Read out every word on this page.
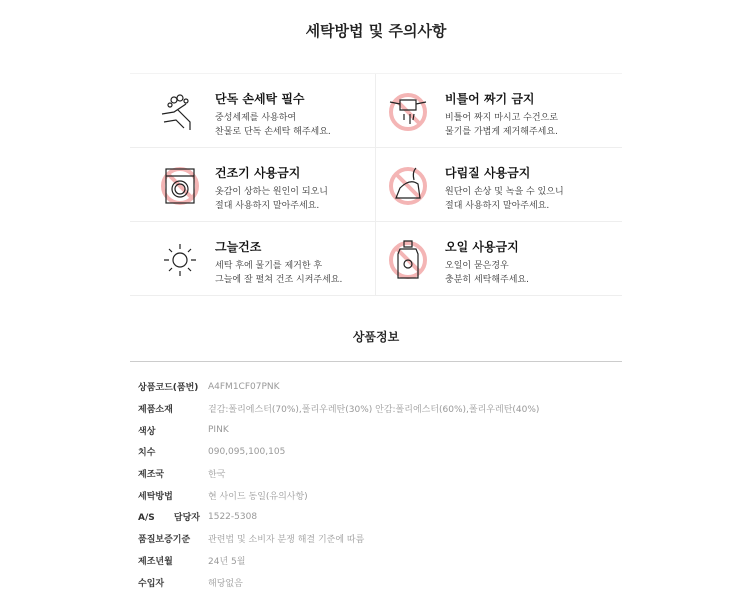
세탁방법 및 주의사항
단독 손세탁 필수
중성세제를 사용하여
찬물로 단독 손세탁 해주세요.
비틀어 짜기 금지
비틀어 짜지 마시고 수건으로
물기를 가볍게 제거해주세요.
건조기 사용금지
옷감이 상하는 원인이 되오니
절대 사용하지 말아주세요.
다림질 사용금지
원단이 손상 및 녹을 수 있으니
절대 사용하지 말아주세요.
그늘건조
세탁 후에 물기를 제거한 후
그늘에 잘 펼쳐 건조 시켜주세요.
오일 사용금지
오일이 묻은경우
충분히 세탁해주세요.
상품정보
상품코드(품번) A4FM1CF07PNK
제품소재	겉감:폴리에스터(70%),폴리우레탄(30%) 안감:폴리에스터(60%),폴리우레탄(40%)
색상	PINK
치수	090,095,100,105
제조국	한국
세탁방법	현 사이드 동일(유의사항)
A/S 담당자 1522-5308
품질보증기준	관련법 및 소비자 분쟁 해결 기준에 따름
제조년월	24년 5월
수입자	해당없음
